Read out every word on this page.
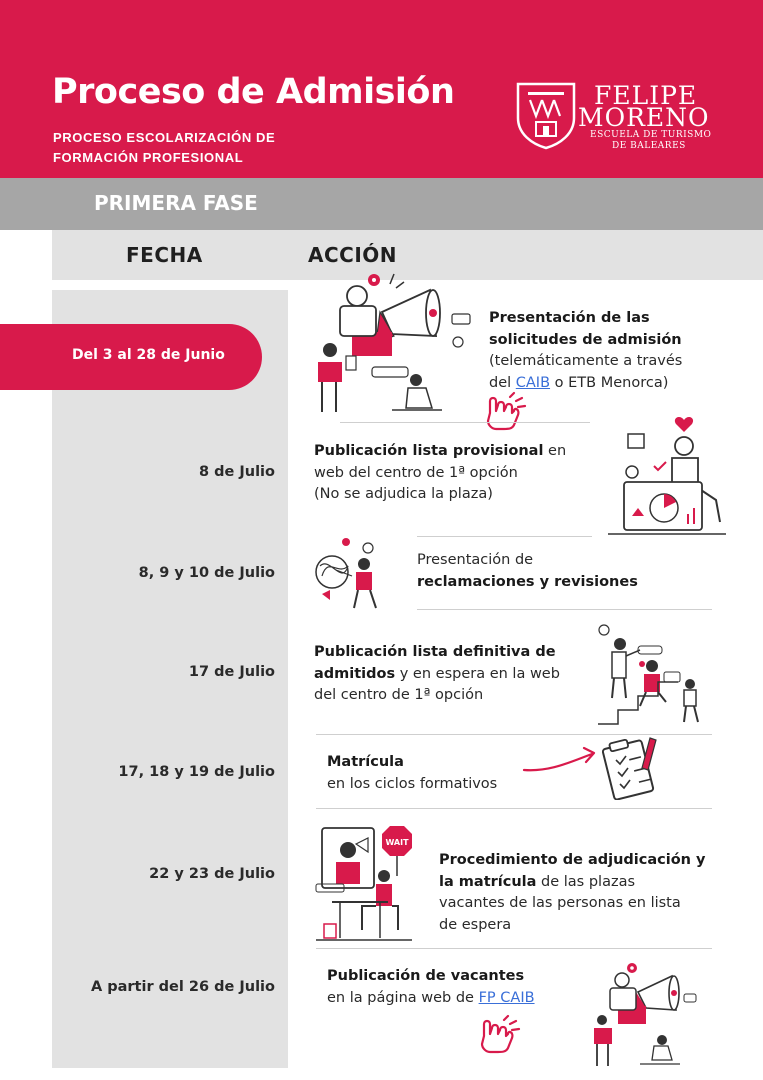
Proceso de Admisión
PROCESO ESCOLARIZACIÓN DE
FORMACIÓN PROFESIONAL
FELIPE
MORENO
ESCUELA DE TURISMO
DE BALEARES
PRIMERA FASE
FECHA	ACCIÓN
Del 3 al 28 de Junio
Presentación de las
solicitudes de admisión
(telemáticamente a través
del CAIB o ETB Menorca)
8 de Julio
Publicación lista provisional en
web del centro de 1ª opción
(No se adjudica la plaza)
8, 9 y 10 de Julio
Presentación de
reclamaciones y revisiones
17 de Julio
Publicación lista definitiva de
admitidos y en espera en la web
del centro de 1ª opción
17, 18 y 19 de Julio
Matrícula
en los ciclos formativos
22 y 23 de Julio
Procedimiento de adjudicación y
la matrícula de las plazas
vacantes de las personas en lista
de espera
WAIT
A partir del 26 de Julio
Publicación de vacantes
en la página web de FP CAIB
